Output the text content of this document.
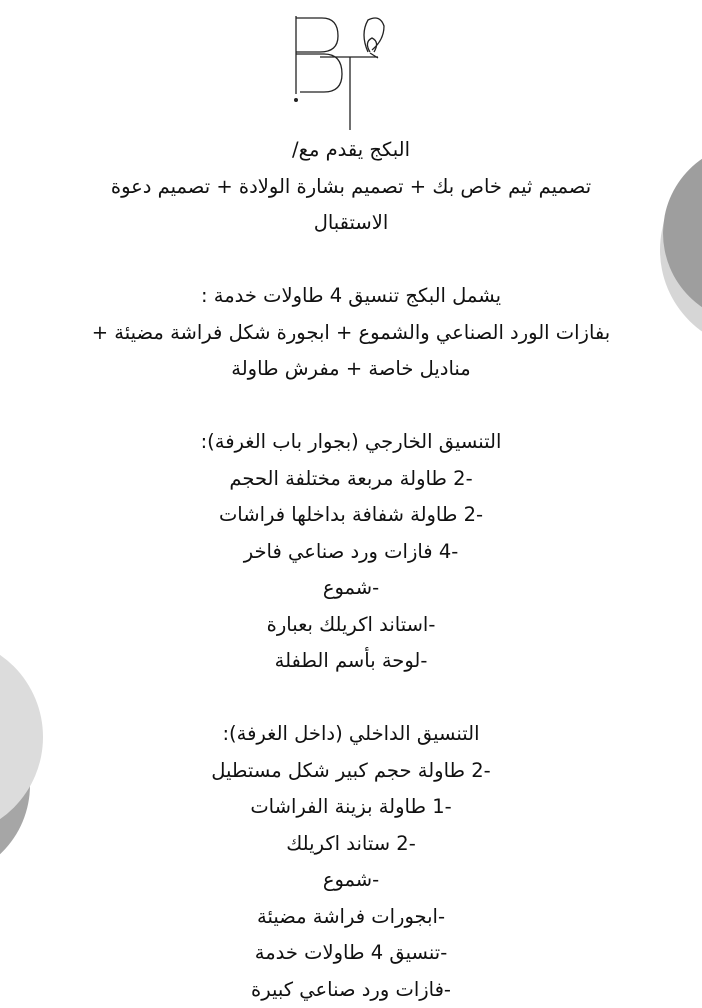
البكج يقدم مع/

تصميم ثيم خاص بك + تصميم بشارة الولادة + تصميم دعوة

الاستقبال

يشمل البكج تنسيق 4 طاولات خدمة :

بفازات الورد الصناعي والشموع + ابجورة شكل فراشة مضيئة +

مناديل خاصة + مفرش طاولة

التنسيق الخارجي (بجوار باب الغرفة):

-2 طاولة مربعة مختلفة الحجم

-2 طاولة شفافة بداخلها فراشات

-4 فازات ورد صناعي فاخر

-شموع

-استاند اكريلك بعبارة

-لوحة بأسم الطفلة

التنسيق الداخلي (داخل الغرفة):

-2 طاولة حجم كبير شكل مستطيل

-1 طاولة بزينة الفراشات

-2 ستاند اكريلك

-شموع

-ابجورات فراشة مضيئة

-تنسيق 4 طاولات خدمة

-فازات ورد صناعي كبيرة
